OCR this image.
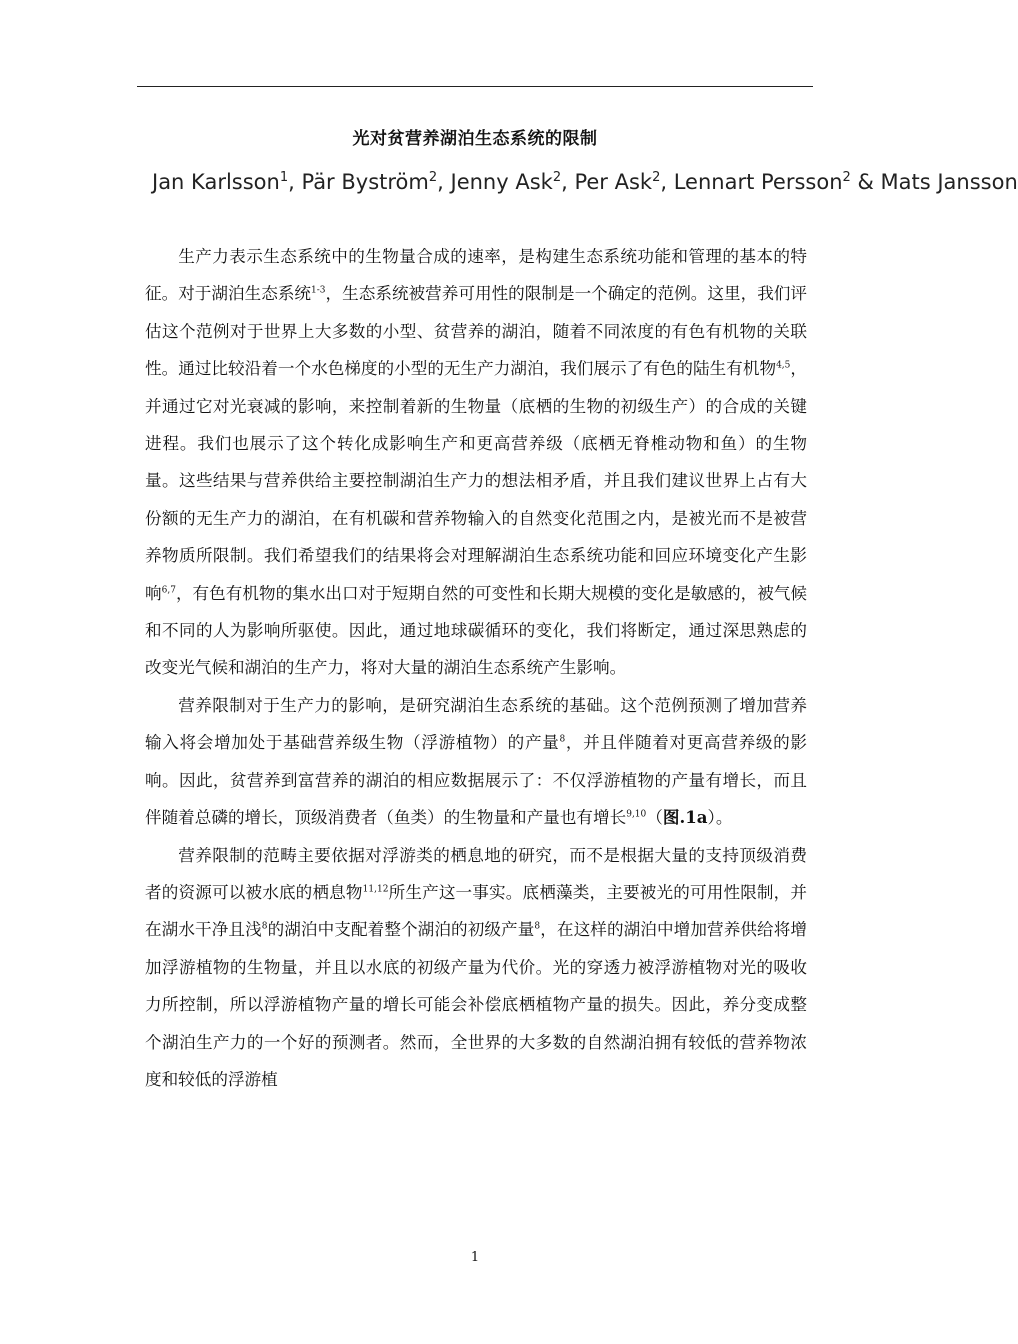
光对贫营养湖泊生态系统的限制
Jan Karlsson$^1$, Pär Byström$^2$, Jenny Ask$^2$, Per Ask$^2$, Lennart Persson$^2$ & Mats Jansson

生产力表示生态系统中的生物量合成的速率，是构建生态系统功能和管理的基本的特征。对于湖泊生态系统$^{1-3}$，生态系统被营养可用性的限制是一个确定的范例。这里，我们评估这个范例对于世界上大多数的小型、贫营养的湖泊，随着不同浓度的有色有机物的关联性。通过比较沿着一个水色梯度的小型的无生产力湖泊，我们展示了有色的陆生有机物$^{4,5}$，并通过它对光衰减的影响，来控制着新的生物量（底栖的生物的初级生产）的合成的关键进程。我们也展示了这个转化成影响生产和更高营养级（底栖无脊椎动物和鱼）的生物量。这些结果与营养供给主要控制湖泊生产力的想法相矛盾，并且我们建议世界上占有大份额的无生产力的湖泊，在有机碳和营养物输入的自然变化范围之内，是被光而不是被营养物质所限制。我们希望我们的结果将会对理解湖泊生态系统功能和回应环境变化产生影响$^{6,7}$，有色有机物的集水出口对于短期自然的可变性和长期大规模的变化是敏感的，被气候和不同的人为影响所驱使。因此，通过地球碳循环的变化，我们将断定，通过深思熟虑的改变光气候和湖泊的生产力，将对大量的湖泊生态系统产生影响。

营养限制对于生产力的影响，是研究湖泊生态系统的基础。这个范例预测了增加营养输入将会增加处于基础营养级生物（浮游植物）的产量$^8$，并且伴随着对更高营养级的影响。因此，贫营养到富营养的湖泊的相应数据展示了：不仅浮游植物的产量有增长，而且伴随着总磷的增长，顶级消费者（鱼类）的生物量和产量也有增长$^{9,10}$（图.1a）。

营养限制的范畴主要依据对浮游类的栖息地的研究，而不是根据大量的支持顶级消费者的资源可以被水底的栖息物$^{11,12}$所生产这一事实。底栖藻类，主要被光的可用性限制，并在湖水干净且浅$^8$的湖泊中支配着整个湖泊的初级产量$^8$，在这样的湖泊中增加营养供给将增加浮游植物的生物量，并且以水底的初级产量为代价。光的穿透力被浮游植物对光的吸收力所控制，所以浮游植物产量的增长可能会补偿底栖植物产量的损失。因此，养分变成整个湖泊生产力的一个好的预测者。然而，全世界的大多数的自然湖泊拥有较低的营养物浓度和较低的浮游植

1
